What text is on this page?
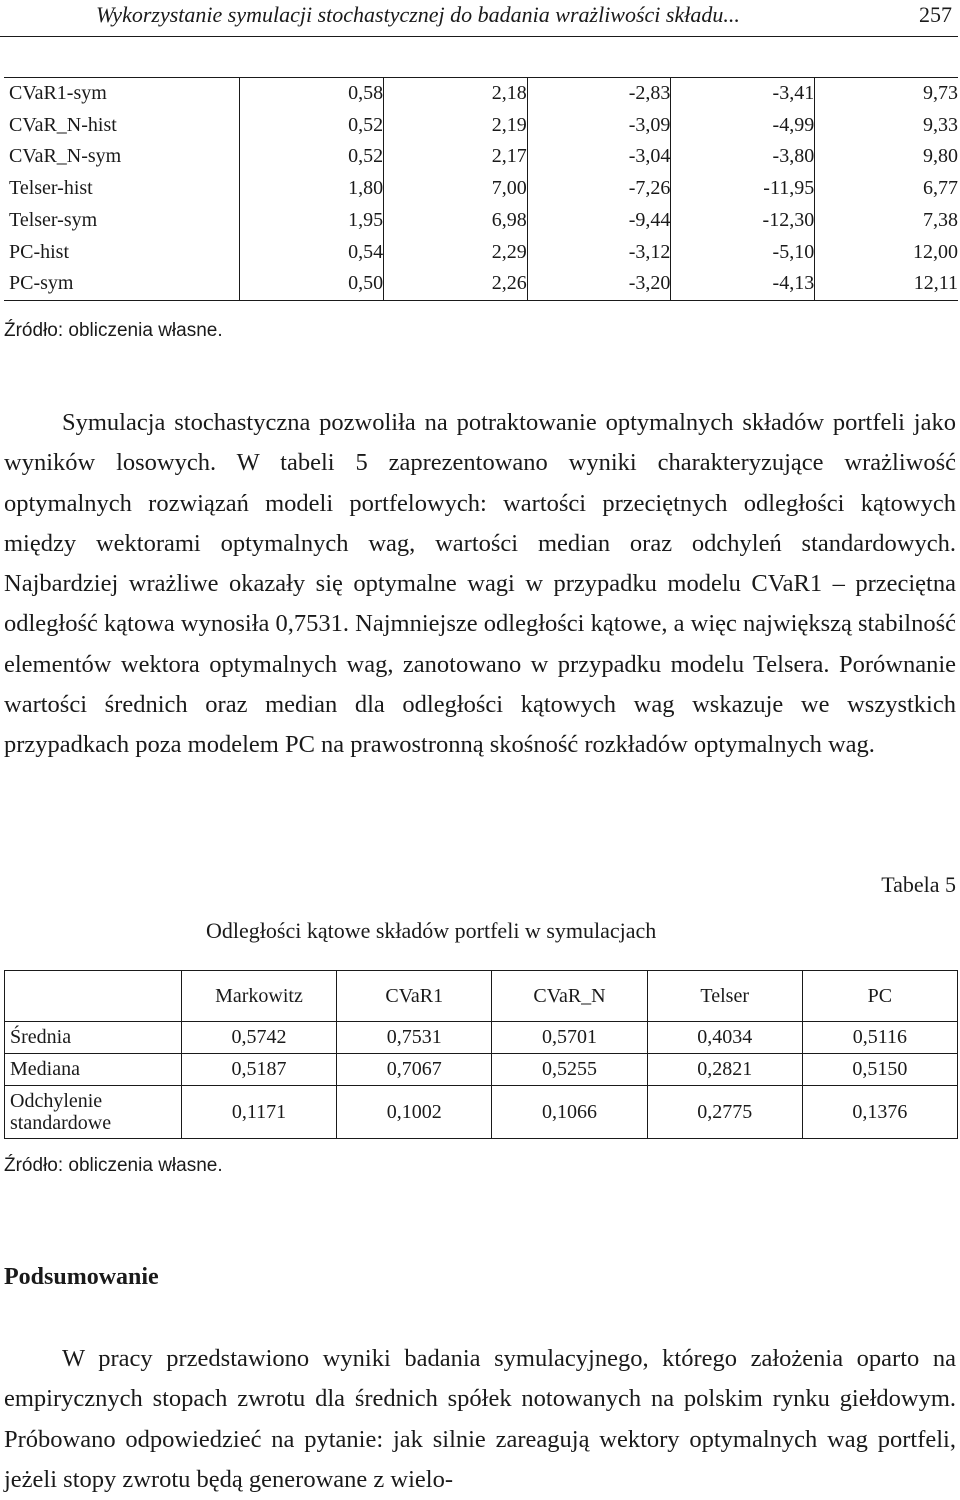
Wykorzystanie symulacji stochastycznej do badania wrażliwości składu...	257
CVaR1-sym	0,58	2,18	-2,83	-3,41	9,73
CVaR_N-hist	0,52	2,19	-3,09	-4,99	9,33
CVaR_N-sym	0,52	2,17	-3,04	-3,80	9,80
Telser-hist	1,80	7,00	-7,26	-11,95	6,77
Telser-sym	1,95	6,98	-9,44	-12,30	7,38
PC-hist	0,54	2,29	-3,12	-5,10	12,00
PC-sym	0,50	2,26	-3,20	-4,13	12,11
Źródło: obliczenia własne.

Symulacja stochastyczna pozwoliła na potraktowanie optymalnych składów portfeli jako wyników losowych. W tabeli 5 zaprezentowano wyniki charakteryzujące wrażliwość optymalnych rozwiązań modeli portfelowych: wartości przeciętnych odległości kątowych między wektorami optymalnych wag, wartości median oraz odchyleń standardowych. Najbardziej wrażliwe okazały się optymalne wagi w przypadku modelu CVaR1 – przeciętna odległość kątowa wynosiła 0,7531. Najmniejsze odległości kątowe, a więc największą stabilność elementów wektora optymalnych wag, zanotowano w przypadku modelu Telsera. Porównanie wartości średnich oraz median dla odległości kątowych wag wskazuje we wszystkich przypadkach poza modelem PC na prawostronną skośność rozkładów optymalnych wag.

Tabela 5
Odległości kątowe składów portfeli w symulacjach
	Markowitz	CVaR1	CVaR_N	Telser	PC
Średnia	0,5742	0,7531	0,5701	0,4034	0,5116
Mediana	0,5187	0,7067	0,5255	0,2821	0,5150
Odchylenie standardowe	0,1171	0,1002	0,1066	0,2775	0,1376
Źródło: obliczenia własne.
Podsumowanie

W pracy przedstawiono wyniki badania symulacyjnego, którego założenia oparto na empirycznych stopach zwrotu dla średnich spółek notowanych na polskim rynku giełdowym. Próbowano odpowiedzieć na pytanie: jak silnie zareagują wektory optymalnych wag portfeli, jeżeli stopy zwrotu będą generowane z wielo-
